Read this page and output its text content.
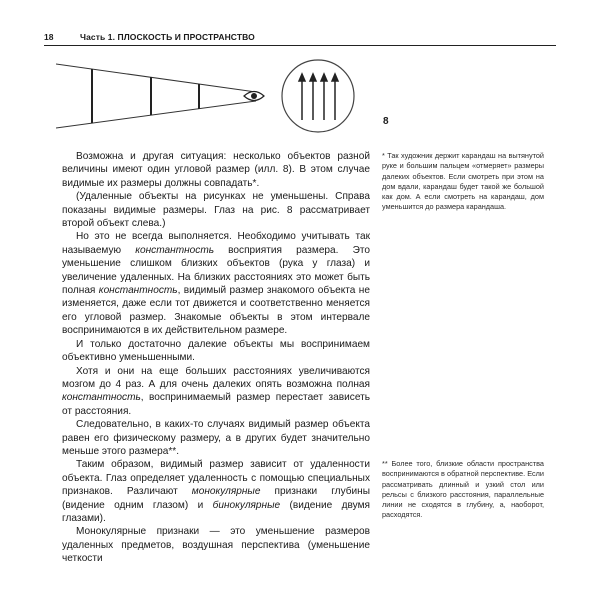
18	Часть 1. ПЛОСКОСТЬ И ПРОСТРАНСТВО
8

Возможна и другая ситуация: несколько объектов разной величины имеют один угловой размер (илл. 8). В этом случае видимые их размеры должны совпадать*.

(Удаленные объекты на рисунках не уменьшены. Справа показаны видимые размеры. Глаз на рис. 8 рассматривает второй объект слева.)

Но это не всегда выполняется. Необходимо учитывать так называемую константность восприятия размера. Это уменьшение слишком близких объектов (рука у глаза) и увеличение удаленных. На близких расстояниях это может быть полная константность, видимый размер знакомого объекта не изменяется, даже если тот движется и соответственно меняется его угловой размер. Знакомые объекты в этом интервале воспринимаются в их действительном размере.

И только достаточно далекие объекты мы воспринимаем объективно уменьшенными.

Хотя и они на еще больших расстояниях увеличиваются мозгом до 4 раз. А для очень далеких опять возможна полная константность, воспринимаемый размер перестает зависеть от расстояния.

Следовательно, в каких-то случаях видимый размер объекта равен его физическому размеру, а в других будет значительно меньше этого размера**.

Таким образом, видимый размер зависит от удаленности объекта. Глаз определяет удаленность с помощью специальных признаков. Различают монокулярные признаки глубины (видение одним глазом) и бинокулярные (видение двумя глазами).

Монокулярные признаки — это уменьшение размеров удаленных предметов, воздушная перспектива (уменьшение четкости

* Так художник держит карандаш на вытянутой руке и большим пальцем «отмеряет» размеры далеких объектов. Если смотреть при этом на дом вдали, карандаш будет такой же большой как дом. А если смотреть на карандаш, дом уменьшится до размера карандаша.
** Более того, близкие области пространства воспринимаются в обратной перспективе. Если рассматривать длинный и узкий стол или рельсы с близкого расстояния, параллельные линии не сходятся в глубину, а, наоборот, расходятся.
